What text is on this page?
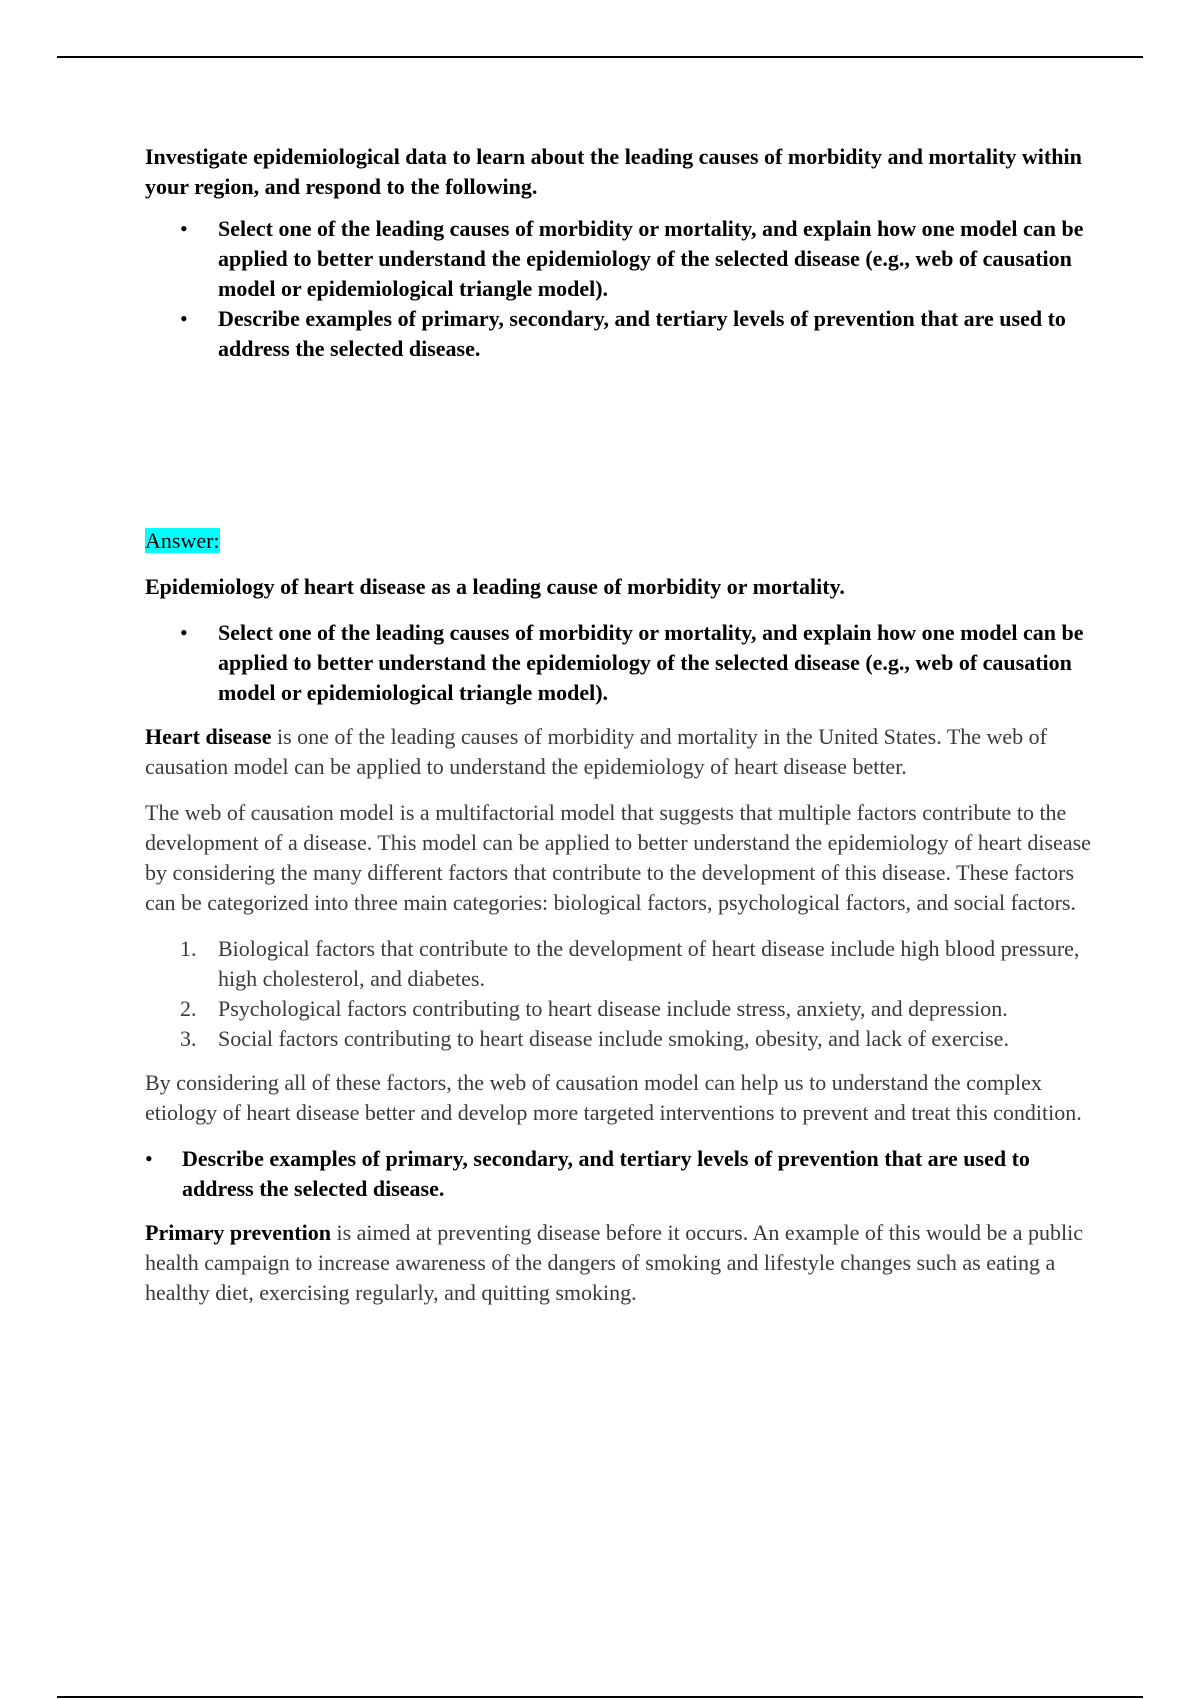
Investigate epidemiological data to learn about the leading causes of morbidity and mortality within your region, and respond to the following.

• Select one of the leading causes of morbidity or mortality, and explain how one model can be applied to better understand the epidemiology of the selected disease (e.g., web of causation model or epidemiological triangle model).
• Describe examples of primary, secondary, and tertiary levels of prevention that are used to address the selected disease.

Answer:

Epidemiology of heart disease as a leading cause of morbidity or mortality.

• Select one of the leading causes of morbidity or mortality, and explain how one model can be applied to better understand the epidemiology of the selected disease (e.g., web of causation model or epidemiological triangle model).

Heart disease is one of the leading causes of morbidity and mortality in the United States. The web of causation model can be applied to understand the epidemiology of heart disease better.

The web of causation model is a multifactorial model that suggests that multiple factors contribute to the development of a disease. This model can be applied to better understand the epidemiology of heart disease by considering the many different factors that contribute to the development of this disease. These factors can be categorized into three main categories: biological factors, psychological factors, and social factors.

1. Biological factors that contribute to the development of heart disease include high blood pressure, high cholesterol, and diabetes.
2. Psychological factors contributing to heart disease include stress, anxiety, and depression.
3. Social factors contributing to heart disease include smoking, obesity, and lack of exercise.

By considering all of these factors, the web of causation model can help us to understand the complex etiology of heart disease better and develop more targeted interventions to prevent and treat this condition.

• Describe examples of primary, secondary, and tertiary levels of prevention that are used to address the selected disease.

Primary prevention is aimed at preventing disease before it occurs. An example of this would be a public health campaign to increase awareness of the dangers of smoking and lifestyle changes such as eating a healthy diet, exercising regularly, and quitting smoking.
